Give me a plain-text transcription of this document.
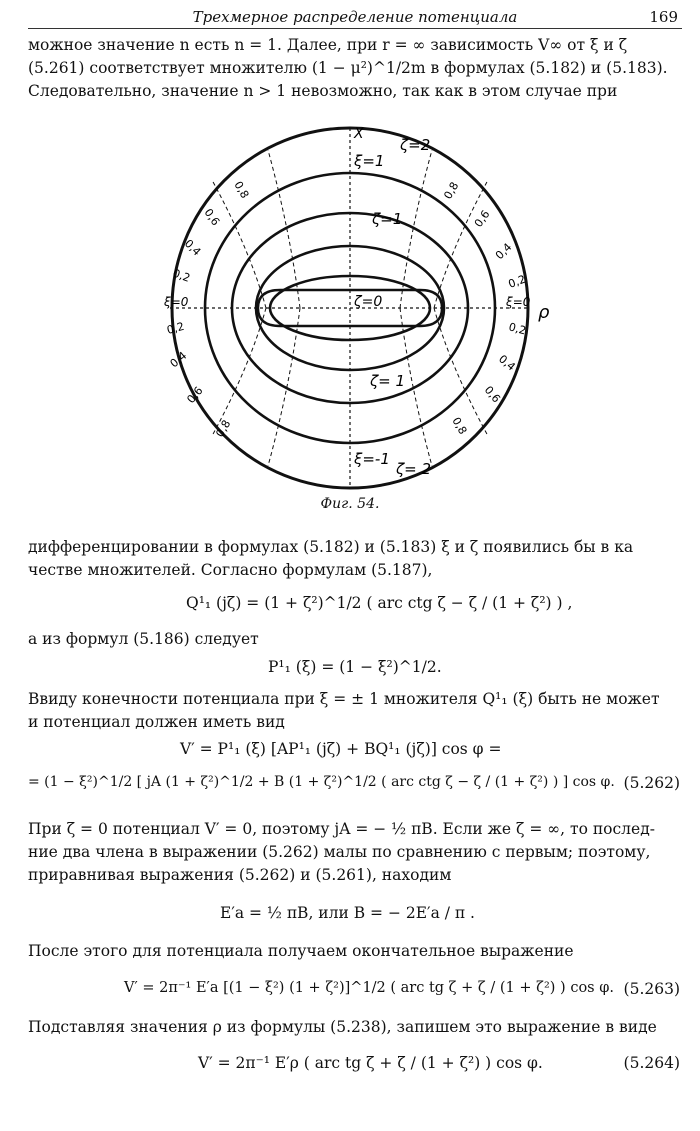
Трехмерное распределение потенциала	169
можное значение n есть n = 1. Далее, при r = ∞ зависимость V∞ от ξ и ζ
(5.261) соответствует множителю (1 − μ²)^1/2m в формулах (5.182) и (5.183).
Следовательно, значение n > 1 невозможно, так как в этом случае при
X
ρ
ζ=2
ξ=1
ζ=1
ζ=0
ζ= 1
ξ=-1
ζ= 2
ξ=0	ξ=0
0,8
0,6
0,4
0,2
0,2
0,4
0,6
0,8
0,8
0,6
0,4
0,2
0,2
0,4
0,6
0,8
Фиг. 54.
дифференцировании в формулах (5.182) и (5.183) ξ и ζ появились бы в ка
честве множителей. Согласно формулам (5.187),
Q¹₁ (jζ) = (1 + ζ²)^1/2 ( arc ctg ζ − ζ / (1 + ζ²) ) ,
а из формул (5.186) следует
P¹₁ (ξ) = (1 − ξ²)^1/2.
Ввиду конечности потенциала при ξ = ± 1 множителя Q¹₁ (ξ) быть не может
и потенциал должен иметь вид
V′ = P¹₁ (ξ) [AP¹₁ (jζ) + BQ¹₁ (jζ)] cos φ =
= (1 − ξ²)^1/2 [ jA (1 + ζ²)^1/2 + B (1 + ζ²)^1/2 ( arc ctg ζ − ζ / (1 + ζ²) ) ] cos φ. (5.262)
При ζ = 0 потенциал V′ = 0, поэтому jA = − ½ πB. Если же ζ = ∞, то послед-
ние два члена в выражении (5.262) малы по сравнению с первым; поэтому,
приравнивая выражения (5.262) и (5.261), находим
E′a = ½ πB, или B = − 2E′a / π .
После этого для потенциала получаем окончательное выражение
V′ = 2π⁻¹ E′a [(1 − ξ²) (1 + ζ²)]^1/2 ( arc tg ζ + ζ / (1 + ζ²) ) cos φ. (5.263)
Подставляя значения ρ из формулы (5.238), запишем это выражение в виде
V′ = 2π⁻¹ E′ρ ( arc tg ζ + ζ / (1 + ζ²) ) cos φ.	(5.264)
